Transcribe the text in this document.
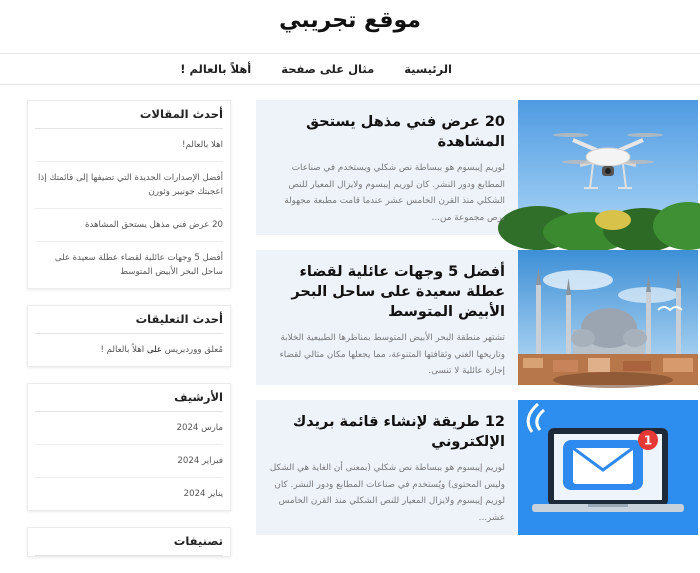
موقع تجريبي
الرئيسية
مثال على صفحة
أهلاً بالعالم !
20 عرض فني مذهل يستحق المشاهدة

لوريم إيبسوم هو ببساطة نص شكلي ويستخدم في صناعات المطابع ودور النشر. كان لوريم إيبسوم ولايزال المعيار للنص الشكلي منذ القرن الخامس عشر عندما قامت مطبعة مجهولة برص مجموعة من...

أفضل 5 وجهات عائلية لقضاء عطلة سعيدة على ساحل البحر الأبيض المتوسط

تشتهر منطقة البحر الأبيض المتوسط بمناظرها الطبيعية الخلابة وتاريخها الغني وثقافتها المتنوعة، مما يجعلها مكان مثالي لقضاء إجازة عائلية لا تنسى.

1
12 طريقة لإنشاء قائمة بريدك الإلكتروني

لوريم إيبسوم هو ببساطة نص شكلي (بمعنى أن الغاية هي الشكل وليس المحتوى) ويُستخدم في صناعات المطابع ودور النشر. كان لوريم إيبسوم ولايزال المعيار للنص الشكلي منذ القرن الخامس عشر...

أحدث المقالات
اهلا بالعالم!
أفضل الإصدارات الجديدة التي تضيفها إلى قائمتك إذا اعجبتك جونيبر وثورن
20 عرض فني مذهل يستحق المشاهدة
أفضل 5 وجهات عائلية لقضاء عطلة سعيدة على ساحل البحر الأبيض المتوسط
أحدث التعليقات
مُعلق ووردبريس على اهلاً بالعالم !
الأرشيف
مارس 2024
فبراير 2024
يناير 2024
تصنيفات
